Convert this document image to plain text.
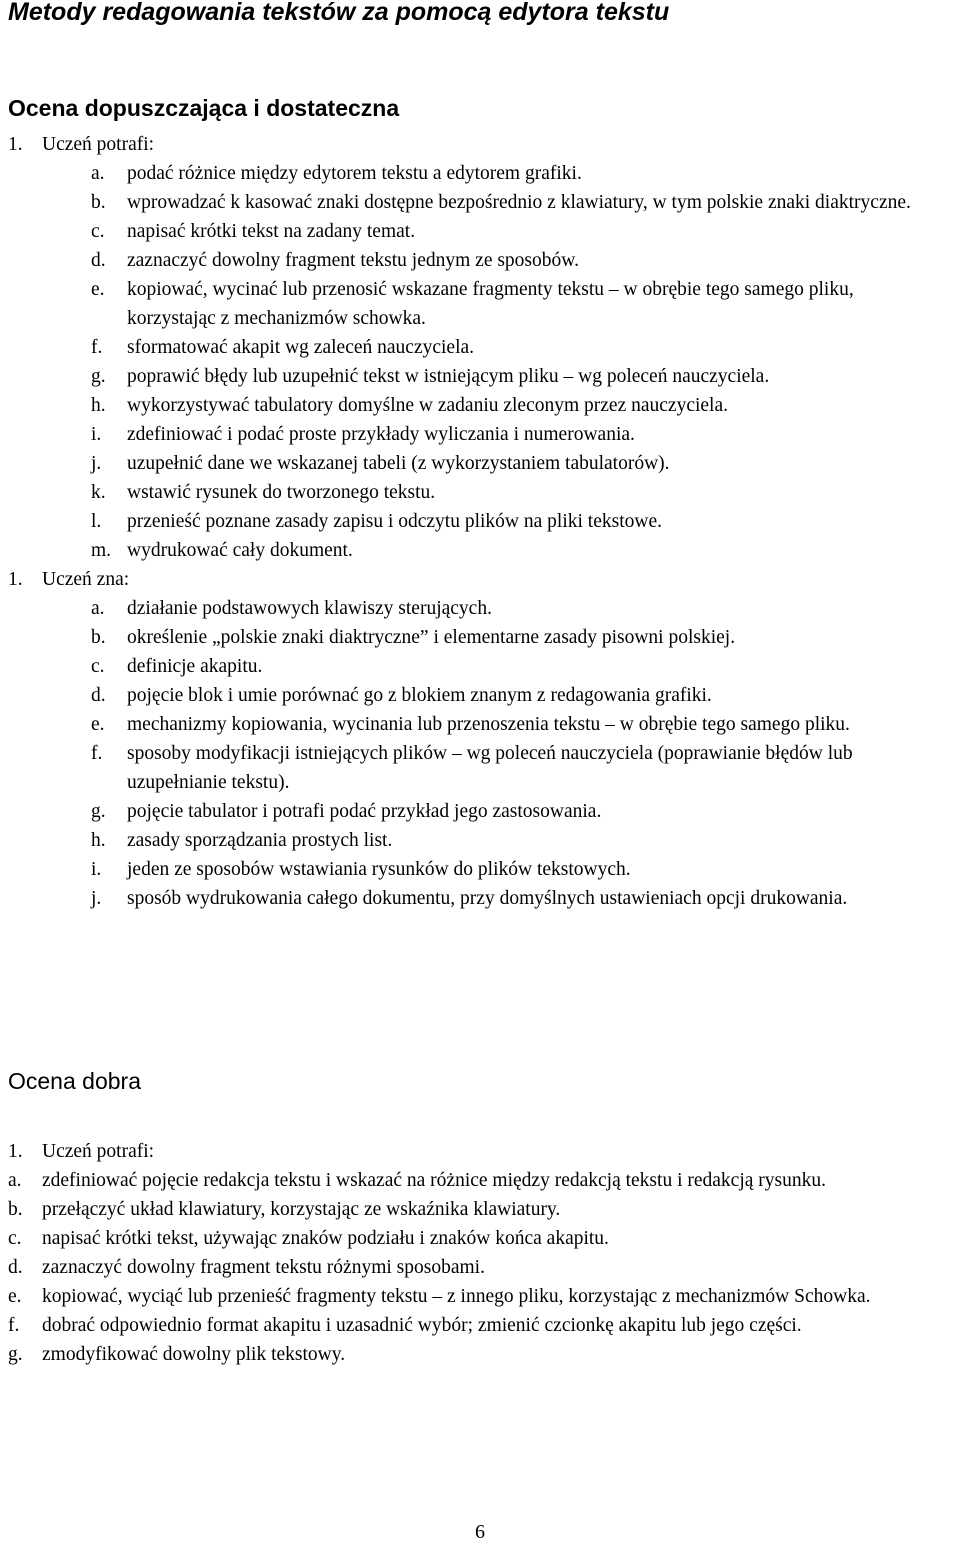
Metody redagowania tekstów za pomocą edytora tekstu
Ocena dopuszczająca i dostateczna
1. Uczeń potrafi:
a.	podać różnice między edytorem tekstu a edytorem grafiki.
b.	wprowadzać k kasować znaki dostępne bezpośrednio z klawiatury, w tym polskie znaki diaktryczne.
c.	napisać krótki tekst na zadany temat.
d.	zaznaczyć dowolny fragment tekstu jednym ze sposobów.
e.	kopiować, wycinać lub przenosić wskazane fragmenty tekstu – w obrębie tego samego pliku, korzystając z mechanizmów schowka.
f.	sformatować akapit wg zaleceń nauczyciela.
g.	poprawić błędy lub uzupełnić tekst w istniejącym pliku – wg poleceń nauczyciela.
h.	wykorzystywać tabulatory domyślne w zadaniu zleconym przez nauczyciela.
i.	zdefiniować i podać proste przykłady wyliczania i numerowania.
j.	uzupełnić dane we wskazanej tabeli (z wykorzystaniem tabulatorów).
k.	wstawić rysunek do tworzonego tekstu.
l.	przenieść poznane zasady zapisu i odczytu plików na pliki tekstowe.
m. wydrukować cały dokument.
1. Uczeń zna:
a.	działanie podstawowych klawiszy sterujących.
b.	określenie „polskie znaki diaktryczne” i elementarne zasady pisowni polskiej.
c.	definicje akapitu.
d.	pojęcie blok i umie porównać go z blokiem znanym z redagowania grafiki.
e.	mechanizmy kopiowania, wycinania lub przenoszenia tekstu – w obrębie tego samego pliku.
f.	sposoby modyfikacji istniejących plików – wg poleceń nauczyciela (poprawianie błędów lub uzupełnianie tekstu).
g.	pojęcie tabulator i potrafi podać przykład jego zastosowania.
h.	zasady sporządzania prostych list.
i.	jeden ze sposobów wstawiania rysunków do plików tekstowych.
j.	sposób wydrukowania całego dokumentu, przy domyślnych ustawieniach opcji drukowania.
Ocena dobra
1. Uczeń potrafi:
a.	zdefiniować pojęcie redakcja tekstu i wskazać na różnice między redakcją tekstu i redakcją rysunku.
b. przełączyć układ klawiatury, korzystając ze wskaźnika klawiatury.
c.	napisać krótki tekst, używając znaków podziału i znaków końca akapitu.
d. zaznaczyć dowolny fragment tekstu różnymi sposobami.
e.	kopiować, wyciąć lub przenieść fragmenty tekstu – z innego pliku, korzystając z mechanizmów Schowka.
f.	dobrać odpowiednio format akapitu i uzasadnić wybór; zmienić czcionkę akapitu lub jego części.
g. zmodyfikować dowolny plik tekstowy.
6
